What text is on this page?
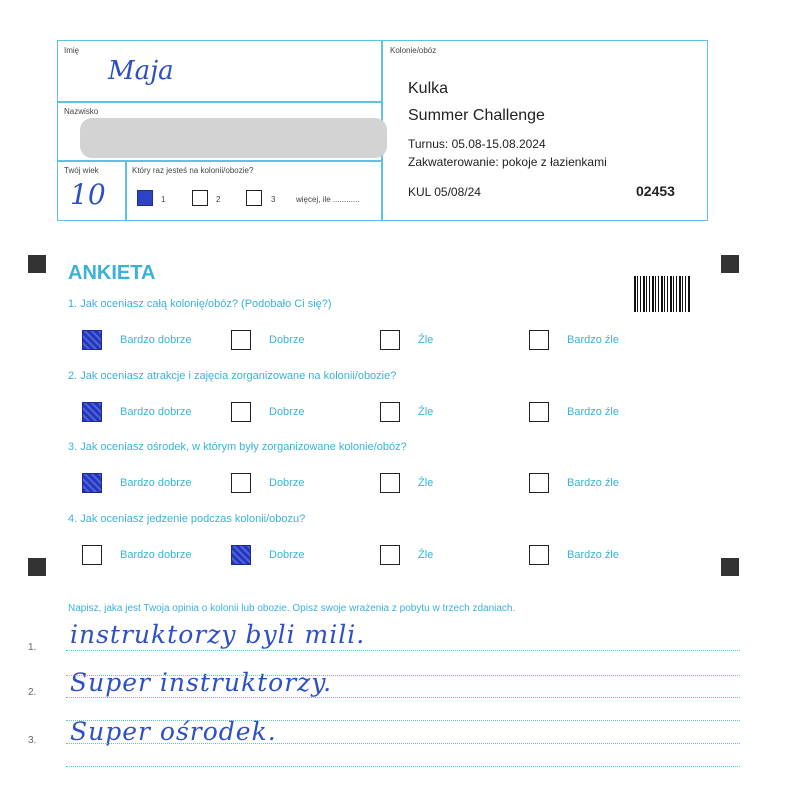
Imię
Maja
Nazwisko
Twój wiek
10
Który raz jesteś na kolonii/obozie?
1	2	3	więcej, ile ............
Kolonie/obóz
Kulka
Summer Challenge
Turnus: 05.08-15.08.2024
Zakwaterowanie: pokoje z łazienkami
KUL 05/08/24	02453
ANKIETA
1. Jak oceniasz całą kolonię/obóz? (Podobało Ci się?)
Bardzo dobrze	Dobrze	Źle	Bardzo źle
2. Jak oceniasz atrakcje i zajęcia zorganizowane na kolonii/obozie?
Bardzo dobrze	Dobrze	Źle	Bardzo źle
3. Jak oceniasz ośrodek, w którym były zorganizowane kolonie/obóz?
Bardzo dobrze	Dobrze	Źle	Bardzo źle
4. Jak oceniasz jedzenie podczas kolonii/obozu?
Bardzo dobrze	Dobrze	Źle	Bardzo źle
Napisz, jaka jest Twoja opinia o kolonii lub obozie. Opisz swoje wrażenia z pobytu w trzech zdaniach.
1. instruktorzy byli mili.
2. Super instruktorzy.
3. Super ośrodek.
